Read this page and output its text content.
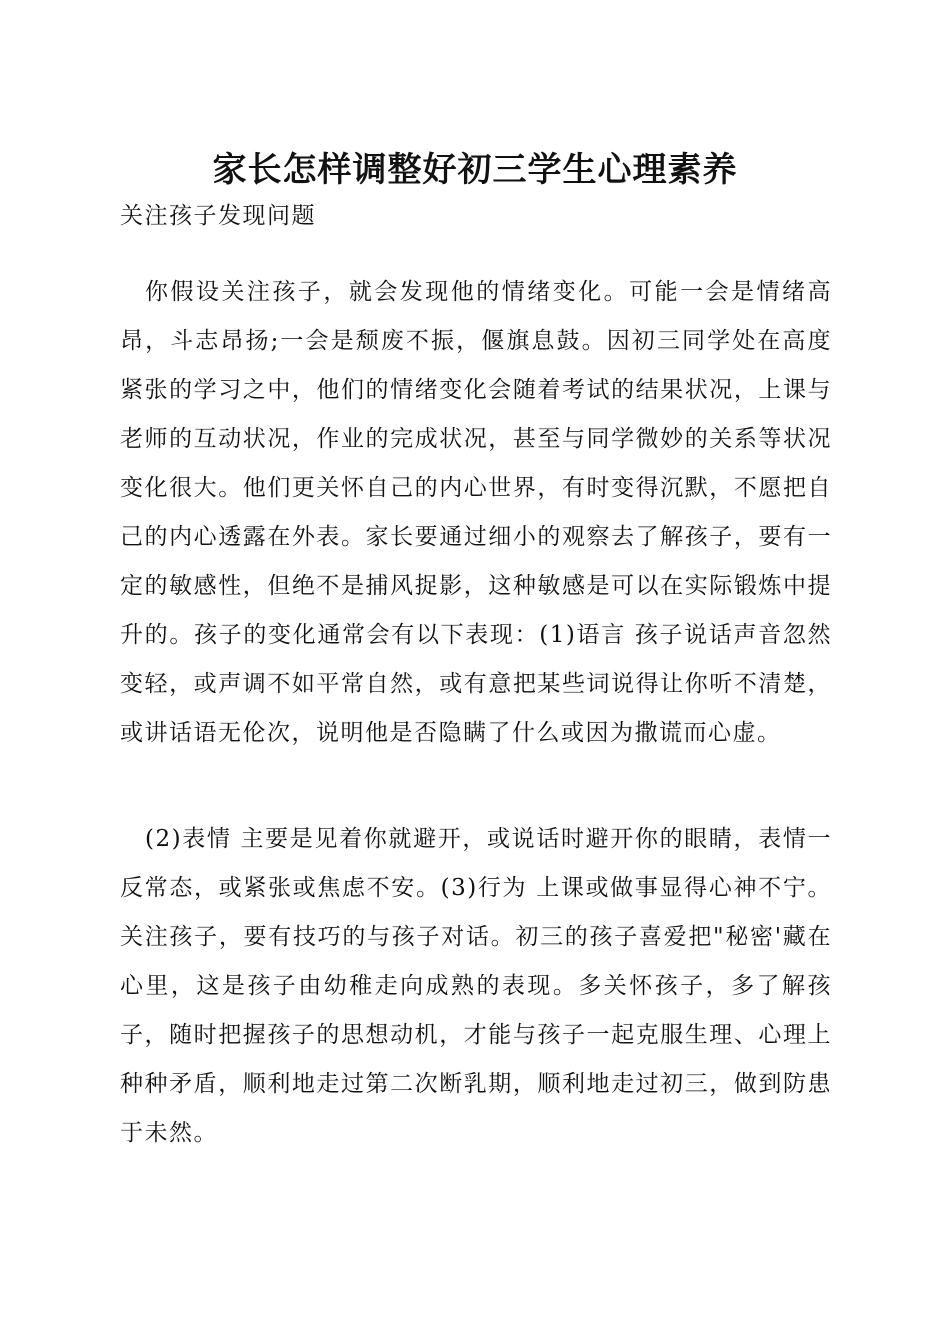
家长怎样调整好初三学生心理素养

关注孩子发现问题

你假设关注孩子，就会发现他的情绪变化。可能一会是情绪高昂，斗志昂扬;一会是颓废不振，偃旗息鼓。因初三同学处在高度紧张的学习之中，他们的情绪变化会随着考试的结果状况，上课与老师的互动状况，作业的完成状况，甚至与同学微妙的关系等状况变化很大。他们更关怀自己的内心世界，有时变得沉默，不愿把自己的内心透露在外表。家长要通过细小的观察去了解孩子，要有一定的敏感性，但绝不是捕风捉影，这种敏感是可以在实际锻炼中提升的。孩子的变化通常会有以下表现：(1)语言 孩子说话声音忽然变轻，或声调不如平常自然，或有意把某些词说得让你听不清楚，或讲话语无伦次，说明他是否隐瞒了什么或因为撒谎而心虚。

(2)表情 主要是见着你就避开，或说话时避开你的眼睛，表情一反常态，或紧张或焦虑不安。(3)行为 上课或做事显得心神不宁。 关注孩子，要有技巧的与孩子对话。初三的孩子喜爱把"秘密'藏在心里，这是孩子由幼稚走向成熟的表现。多关怀孩子，多了解孩子，随时把握孩子的思想动机，才能与孩子一起克服生理、心理上种种矛盾，顺利地走过第二次断乳期，顺利地走过初三，做到防患于未然。
